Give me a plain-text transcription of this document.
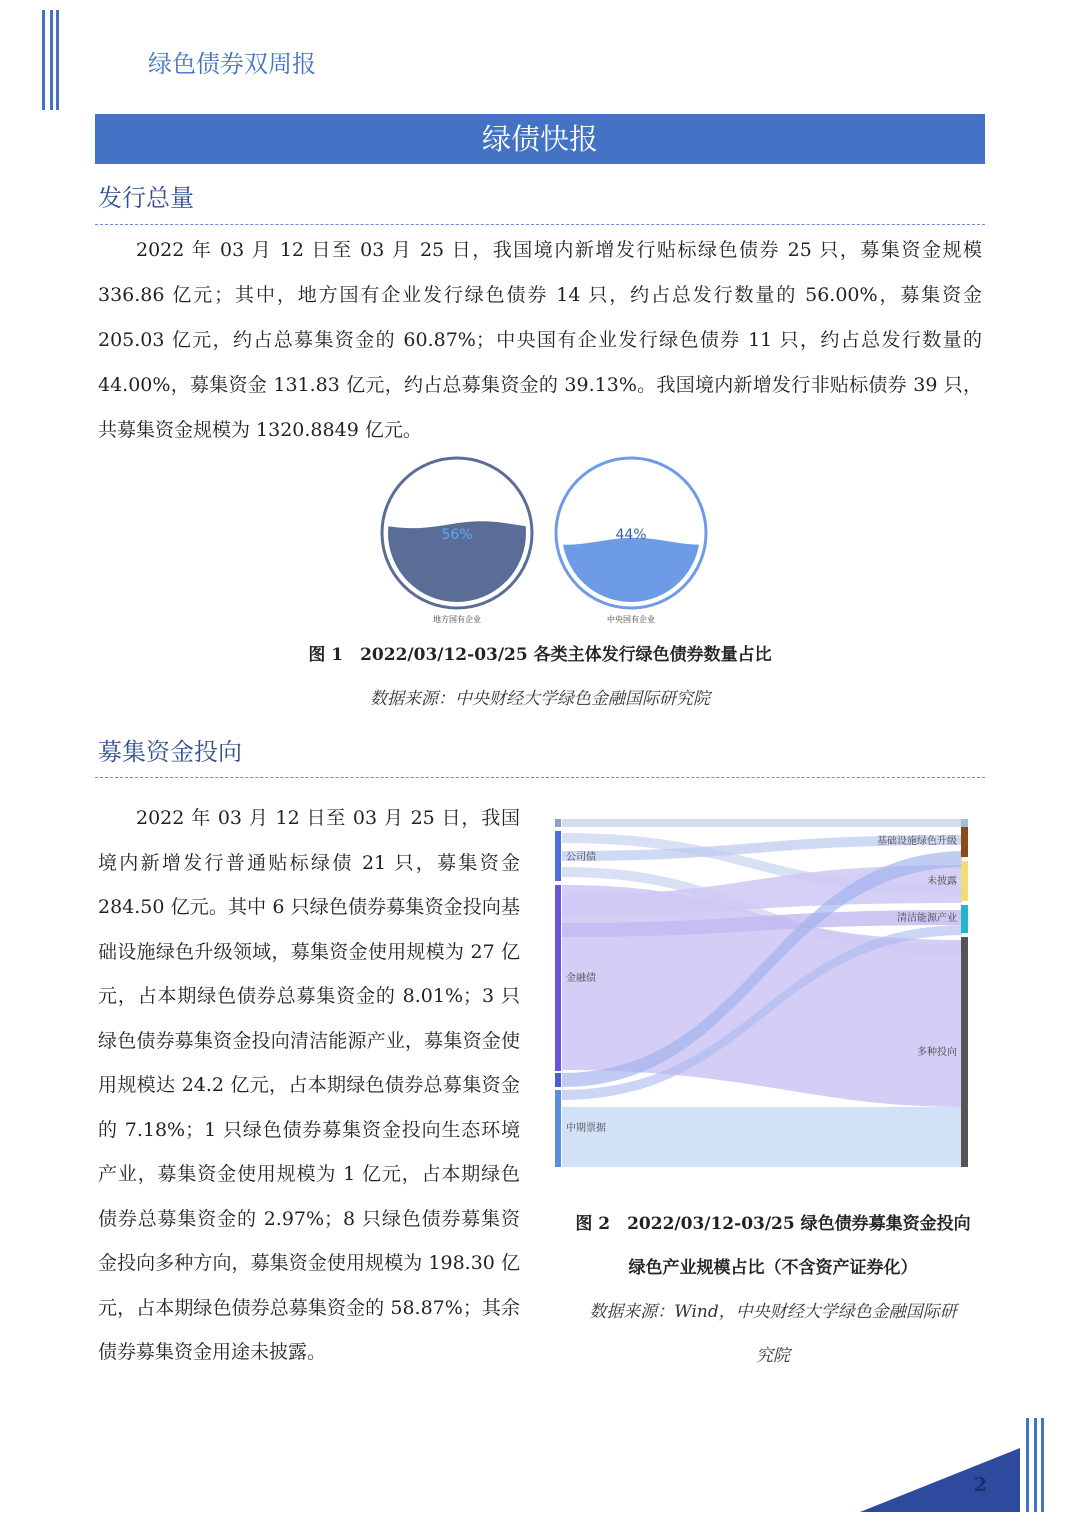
绿色债券双周报
绿债快报
发行总量

2022 年 03 月 12 日至 03 月 25 日，我国境内新增发行贴标绿色债券 25 只，募集资金规模 336.86 亿元；其中，地方国有企业发行绿色债券 14 只，约占总发行数量的 56.00%，募集资金 205.03 亿元，约占总募集资金的 60.87%；中央国有企业发行绿色债券 11 只，约占总发行数量的 44.00%，募集资金 131.83 亿元，约占总募集资金的 39.13%。我国境内新增发行非贴标债券 39 只，共募集资金规模为 1320.8849 亿元。

56%
地方国有企业
44%
中央国有企业
图 1　2022/03/12-03/25 各类主体发行绿色债券数量占比
数据来源：中央财经大学绿色金融国际研究院
募集资金投向

2022 年 03 月 12 日至 03 月 25 日，我国境内新增发行普通贴标绿债 21 只，募集资金 284.50 亿元。其中 6 只绿色债券募集资金投向基础设施绿色升级领域，募集资金使用规模为 27 亿元，占本期绿色债券总募集资金的 8.01%；3 只绿色债券募集资金投向清洁能源产业，募集资金使用规模达 24.2 亿元，占本期绿色债券总募集资金的 7.18%；1 只绿色债券募集资金投向生态环境产业，募集资金使用规模为 1 亿元，占本期绿色债券总募集资金的 2.97%；8 只绿色债券募集资金投向多种方向，募集资金使用规模为 198.30 亿元，占本期绿色债券总募集资金的 58.87%；其余债券募集资金用途未披露。

公司债
金融债
中期票据
基础设施绿色升级
未披露
清洁能源产业
多种投向
图 2　2022/03/12-03/25 绿色债券募集资金投向
绿色产业规模占比（不含资产证券化）
数据来源：Wind，中央财经大学绿色金融国际研
究院
2
